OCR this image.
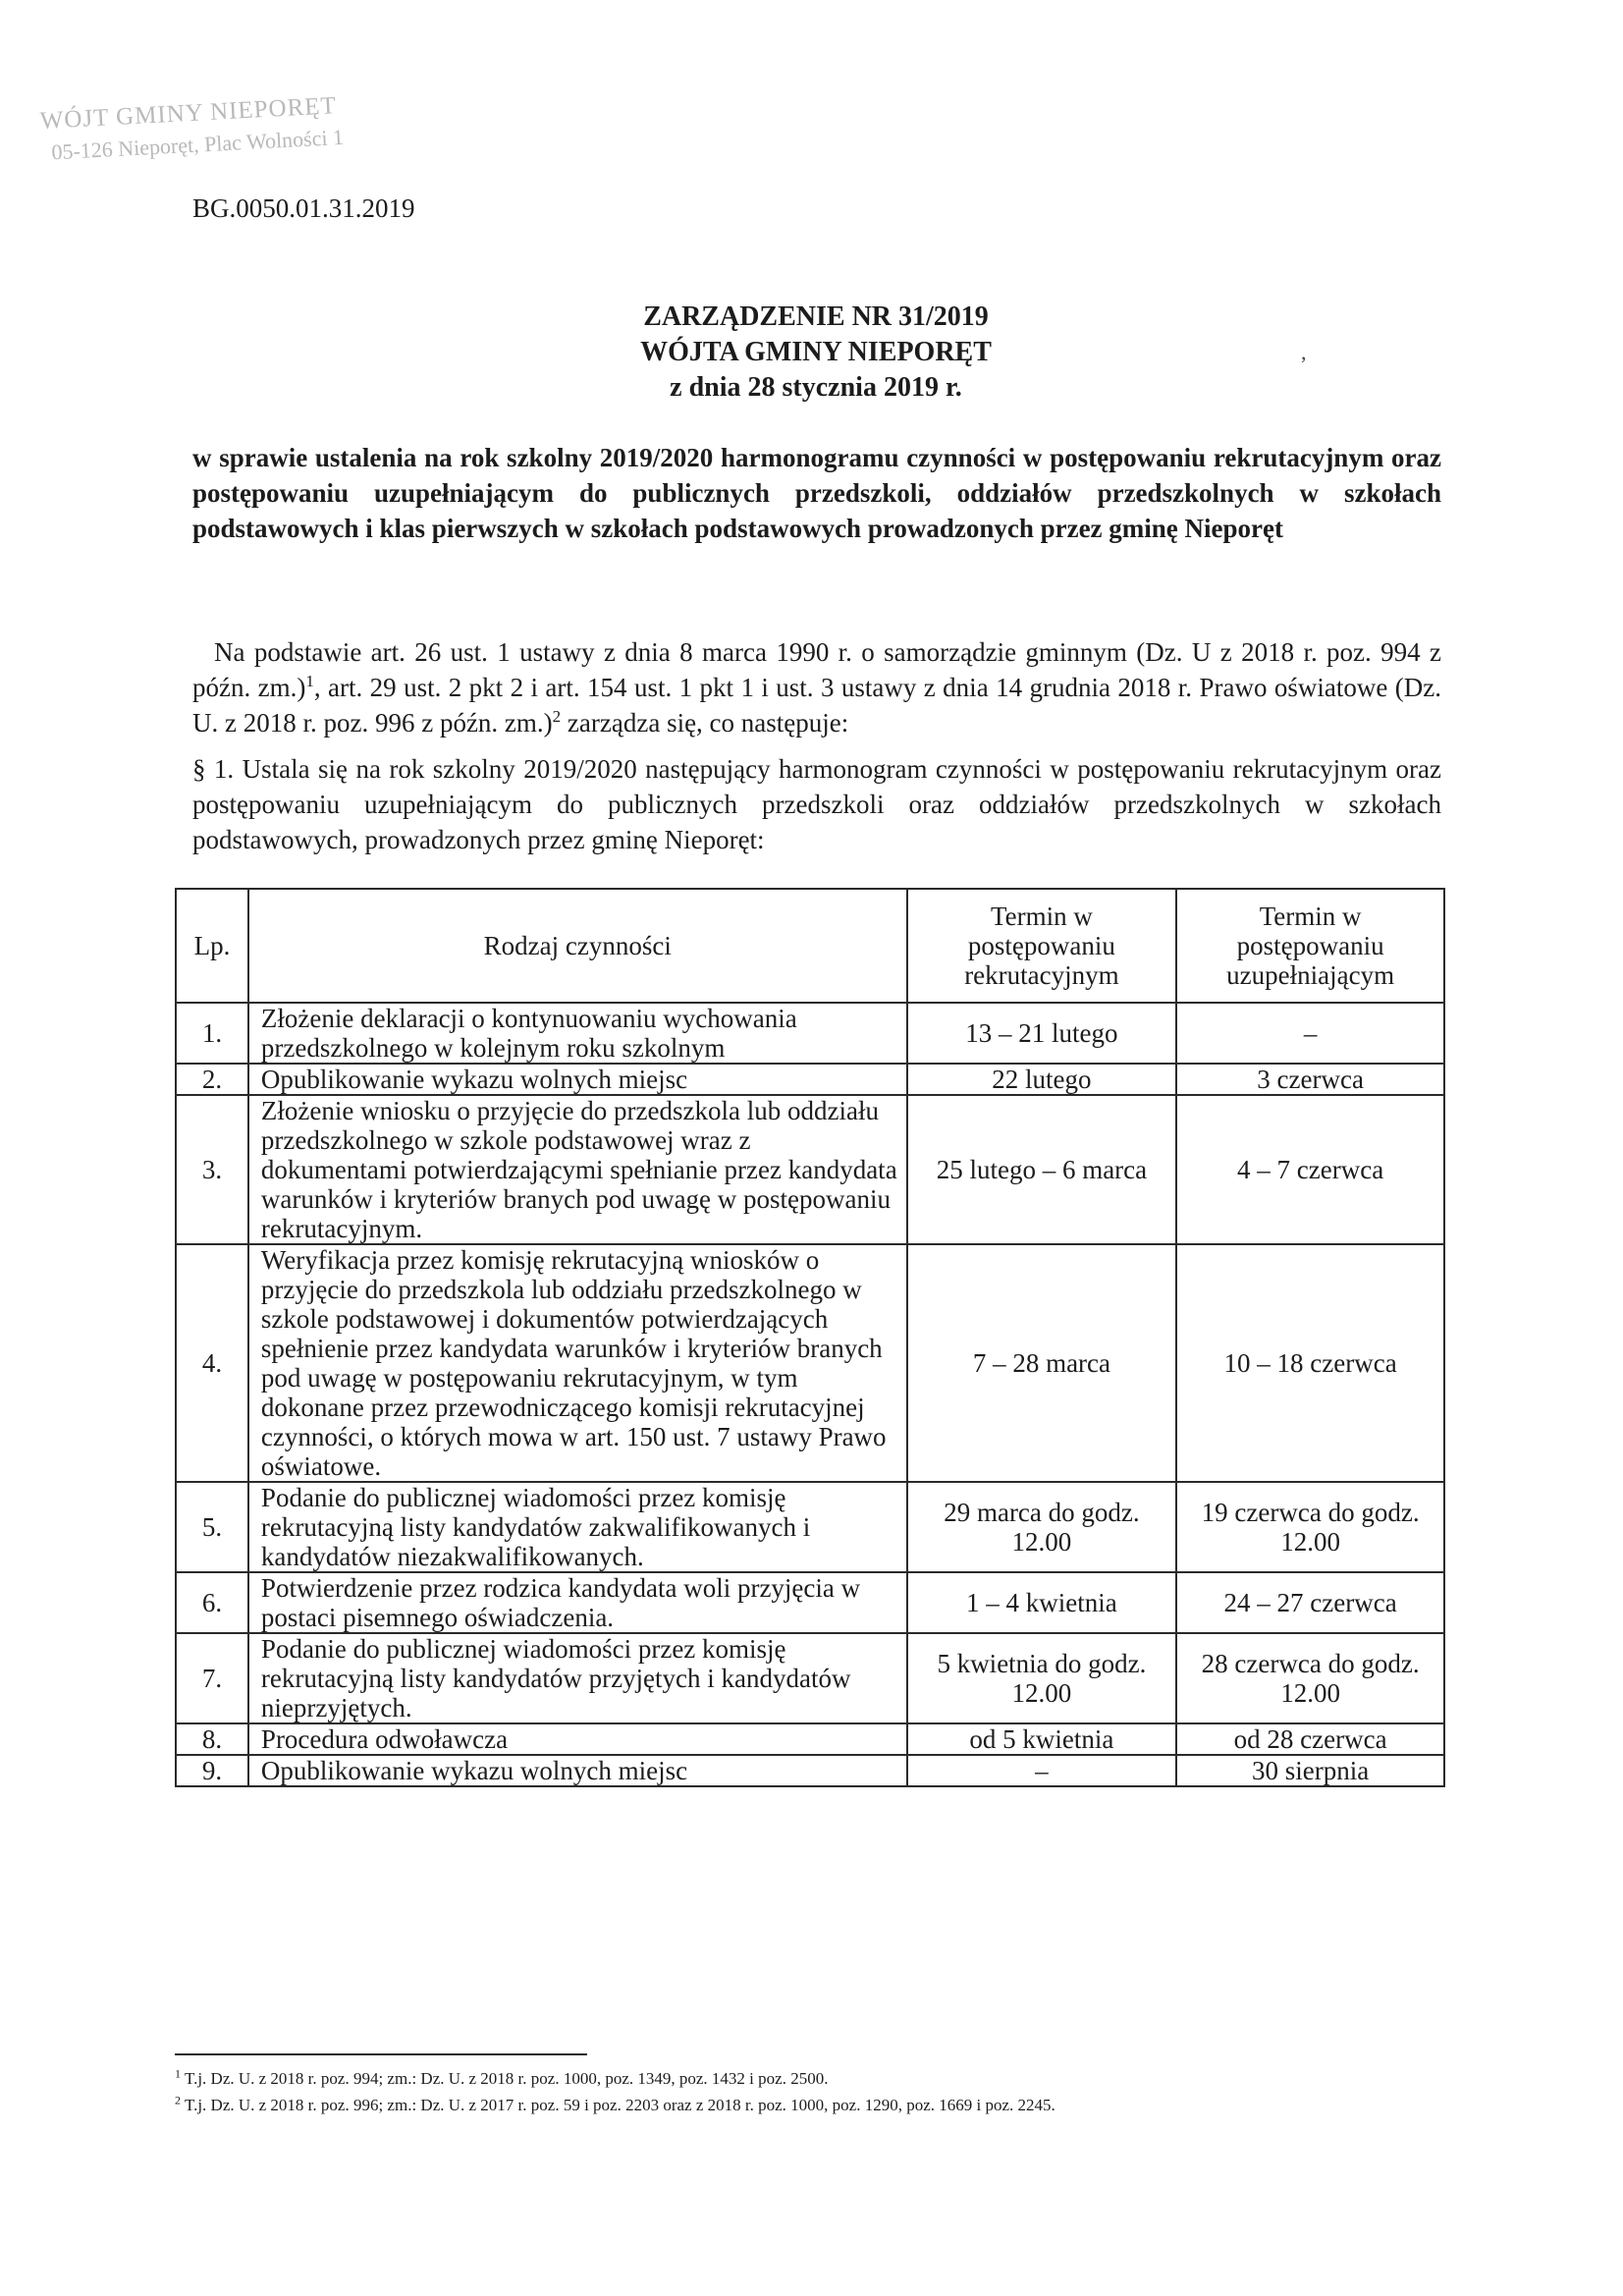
WÓJT GMINY NIEPORĘT
05-126 Nieporęt, Plac Wolności 1
BG.0050.01.31.2019
ZARZĄDZENIE NR 31/2019
WÓJTA GMINY NIEPORĘT
z dnia 28 stycznia 2019 r.
,
w sprawie ustalenia na rok szkolny 2019/2020 harmonogramu czynności w postępowaniu rekrutacyjnym oraz postępowaniu uzupełniającym do publicznych przedszkoli, oddziałów przedszkolnych w szkołach podstawowych i klas pierwszych w szkołach podstawowych prowadzonych przez gminę Nieporęt
Na podstawie art. 26 ust. 1 ustawy z dnia 8 marca 1990 r. o samorządzie gminnym (Dz. U z 2018 r. poz. 994 z późn. zm.)$^1$, art. 29 ust. 2 pkt 2 i art. 154 ust. 1 pkt 1 i ust. 3 ustawy z dnia 14 grudnia 2018 r. Prawo oświatowe (Dz. U. z 2018 r. poz. 996 z późn. zm.)$^2$ zarządza się, co następuje:
§ 1. Ustala się na rok szkolny 2019/2020 następujący harmonogram czynności w postępowaniu rekrutacyjnym oraz postępowaniu uzupełniającym do publicznych przedszkoli oraz oddziałów przedszkolnych w szkołach podstawowych, prowadzonych przez gminę Nieporęt:
Lp.	Rodzaj czynności	Termin w postępowaniu rekrutacyjnym	Termin w postępowaniu uzupełniającym
1.	Złożenie deklaracji o kontynuowaniu wychowania przedszkolnego w kolejnym roku szkolnym	13 – 21 lutego	–
2.	Opublikowanie wykazu wolnych miejsc	22 lutego	3 czerwca
3.	Złożenie wniosku o przyjęcie do przedszkola lub oddziału przedszkolnego w szkole podstawowej wraz z dokumentami potwierdzającymi spełnianie przez kandydata warunków i kryteriów branych pod uwagę w postępowaniu rekrutacyjnym.	25 lutego – 6 marca	4 – 7 czerwca
4.	Weryfikacja przez komisję rekrutacyjną wniosków o przyjęcie do przedszkola lub oddziału przedszkolnego w szkole podstawowej i dokumentów potwierdzających spełnienie przez kandydata warunków i kryteriów branych pod uwagę w postępowaniu rekrutacyjnym, w tym dokonane przez przewodniczącego komisji rekrutacyjnej czynności, o których mowa w art. 150 ust. 7 ustawy Prawo oświatowe.	7 – 28 marca	10 – 18 czerwca
5.	Podanie do publicznej wiadomości przez komisję rekrutacyjną listy kandydatów zakwalifikowanych i kandydatów niezakwalifikowanych.	29 marca do godz. 12.00	19 czerwca do godz. 12.00
6.	Potwierdzenie przez rodzica kandydata woli przyjęcia w postaci pisemnego oświadczenia.	1 – 4 kwietnia	24 – 27 czerwca
7.	Podanie do publicznej wiadomości przez komisję rekrutacyjną listy kandydatów przyjętych i kandydatów nieprzyjętych.	5 kwietnia do godz. 12.00	28 czerwca do godz. 12.00
8.	Procedura odwoławcza	od 5 kwietnia	od 28 czerwca
9.	Opublikowanie wykazu wolnych miejsc	–	30 sierpnia
$^1$ T.j. Dz. U. z 2018 r. poz. 994; zm.: Dz. U. z 2018 r. poz. 1000, poz. 1349, poz. 1432 i poz. 2500.
$^2$ T.j. Dz. U. z 2018 r. poz. 996; zm.: Dz. U. z 2017 r. poz. 59 i poz. 2203 oraz z 2018 r. poz. 1000, poz. 1290, poz. 1669 i poz. 2245.
